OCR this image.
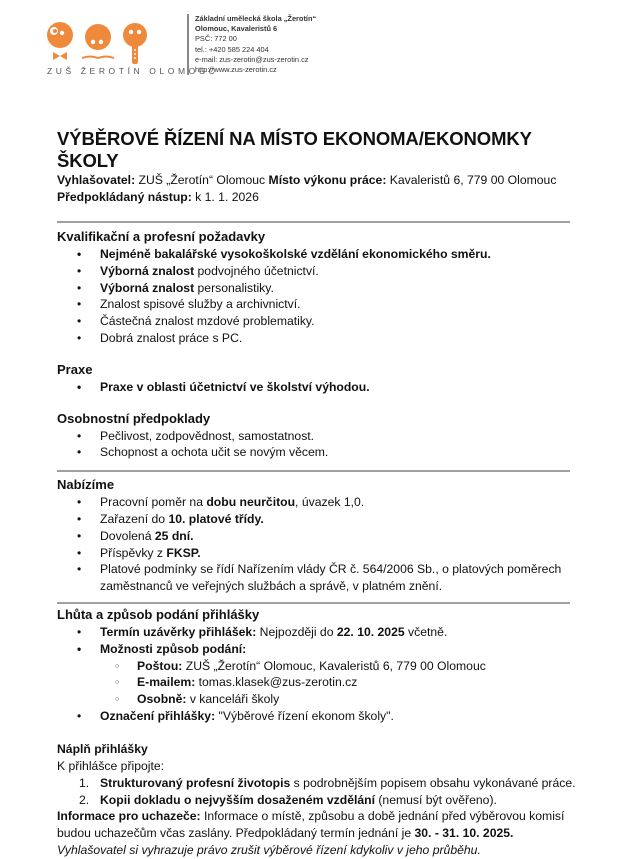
ZUŠ ŽEROTÍN OLOMOUC
Základní umělecká škola „Žerotín“
Olomouc, Kavaleristů 6
PSČ: 772 00
tel.: +420 585 224 404
e-mail: zus-zerotin@zus-zerotin.cz
http://www.zus-zerotin.cz
VÝBĚROVÉ ŘÍZENÍ NA MÍSTO EKONOMA/EKONOMKY ŠKOLY
Vyhlašovatel: ZUŠ „Žerotín“ Olomouc Místo výkonu práce: Kavaleristů 6, 779 00 Olomouc
Předpokládaný nástup: k 1. 1. 2026
Kvalifikační a profesní požadavky
• Nejméně bakalářské vysokoškolské vzdělání ekonomického směru.
• Výborná znalost podvojného účetnictví.
• Výborná znalost personalistiky.
• Znalost spisové služby a archivnictví.
• Částečná znalost mzdové problematiky.
• Dobrá znalost práce s PC.
Praxe
• Praxe v oblasti účetnictví ve školství výhodou.
Osobnostní předpoklady
• Pečlivost, zodpovědnost, samostatnost.
• Schopnost a ochota učit se novým věcem.
Nabízíme
• Pracovní poměr na dobu neurčitou, úvazek 1,0.
• Zařazení do 10. platové třídy.
• Dovolená 25 dní.
• Příspěvky z FKSP.
• Platové podmínky se řídí Nařízením vlády ČR č. 564/2006 Sb., o platových poměrech
zaměstnanců ve veřejných službách a správě, v platném znění.
Lhůta a způsob podání přihlášky
• Termín uzávěrky přihlášek: Nejpozději do 22. 10. 2025 včetně.
• Možnosti způsob podání:
○ Poštou: ZUŠ „Žerotín“ Olomouc, Kavaleristů 6, 779 00 Olomouc
○ E-mailem: tomas.klasek@zus-zerotin.cz
○ Osobně: v kanceláři školy
• Označení přihlášky: "Výběrové řízení ekonom školy".
Náplň přihlášky
K přihlášce připojte:
1. Strukturovaný profesní životopis s podrobnějším popisem obsahu vykonávané práce.
2. Kopii dokladu o nejvyšším dosaženém vzdělání (nemusí být ověřeno).
Informace pro uchazeče: Informace o místě, způsobu a době jednání před výběrovou komisí
budou uchazečům včas zaslány. Předpokládaný termín jednání je 30. - 31. 10. 2025.
Vyhlašovatel si vyhrazuje právo zrušit výběrové řízení kdykoliv v jeho průběhu.
